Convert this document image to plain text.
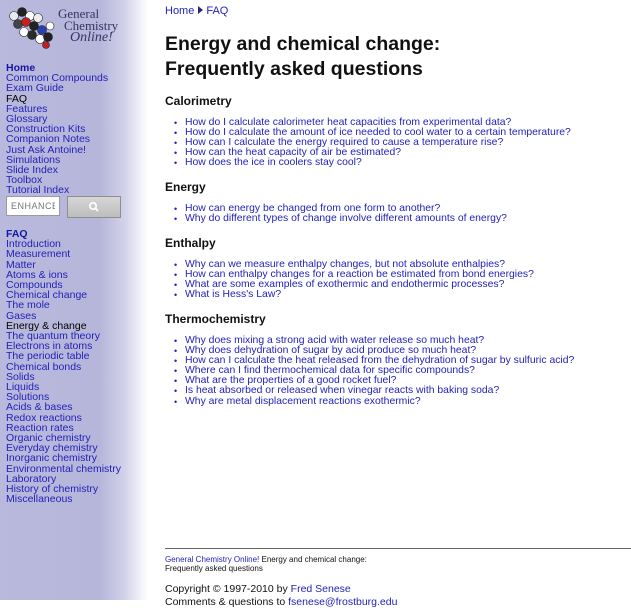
General
Chemistry
Online!
Home
Common Compounds
Exam Guide
FAQ
Features
Glossary
Construction Kits
Companion Notes
Just Ask Antoine!
Simulations
Slide Index
Toolbox
Tutorial Index
ENHANCED BY Google
FAQ
Introduction
Measurement
Matter
Atoms & ions
Compounds
Chemical change
The mole
Gases
Energy & change
The quantum theory
Electrons in atoms
The periodic table
Chemical bonds
Solids
Liquids
Solutions
Acids & bases
Redox reactions
Reaction rates
Organic chemistry
Everyday chemistry
Inorganic chemistry
Environmental chemistry
Laboratory
History of chemistry
Miscellaneous
Home FAQ
Energy and chemical change:
Frequently asked questions
Calorimetry
• How do I calculate calorimeter heat capacities from experimental data?
• How do I calculate the amount of ice needed to cool water to a certain temperature?
• How can I calculate the energy required to cause a temperature rise?
• How can the heat capacity of air be estimated?
• How does the ice in coolers stay cool?
Energy
• How can energy be changed from one form to another?
• Why do different types of change involve different amounts of energy?
Enthalpy
• Why can we measure enthalpy changes, but not absolute enthalpies?
• How can enthalpy changes for a reaction be estimated from bond energies?
• What are some examples of exothermic and endothermic processes?
• What is Hess's Law?
Thermochemistry
• Why does mixing a strong acid with water release so much heat?
• Why does dehydration of sugar by acid produce so much heat?
• How can I calculate the heat released from the dehydration of sugar by sulfuric acid?
• Where can I find thermochemical data for specific compounds?
• What are the properties of a good rocket fuel?
• Is heat absorbed or released when vinegar reacts with baking soda?
• Why are metal displacement reactions exothermic?
General Chemistry Online! Energy and chemical change:
Frequently asked questions
Copyright © 1997-2010 by Fred Senese
Comments & questions to fsenese@frostburg.edu
